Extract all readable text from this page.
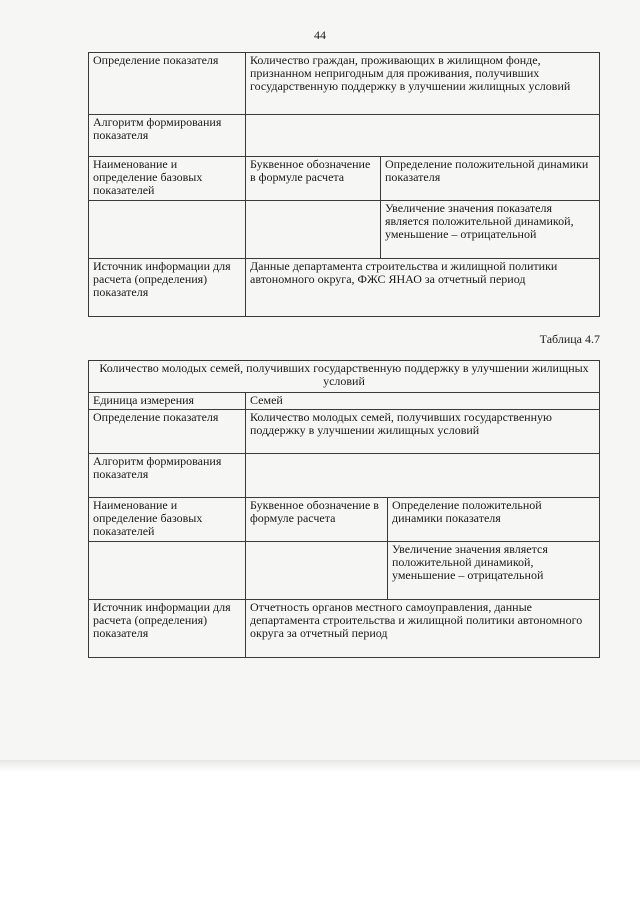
44
Определение показателя	Количество граждан, проживающих в жилищном фонде, признанном непригодным для проживания, получивших государственную поддержку в улучшении жилищных условий	
Алгоритм формирования показателя		
Наименование и определение базовых показателей	Буквенное обозначение в формуле расчета	Определение положительной динамики показателя
		Увеличение значения показателя является положительной динамикой, уменьшение – отрицательной
Источник информации для расчета (определения) показателя	Данные департамента строительства и жилищной политики автономного округа, ФЖС ЯНАО за отчетный период	
Таблица 4.7
Количество молодых семей, получивших государственную поддержку в улучшении жилищных условий		
Единица измерения	Семей	
Определение показателя	Количество молодых семей, получивших государственную поддержку в улучшении жилищных условий	
Алгоритм формирования показателя		
Наименование и определение базовых показателей	Буквенное обозначение в формуле расчета	Определение положительной динамики показателя
		Увеличение значения является положительной динамикой, уменьшение – отрицательной
Источник информации для расчета (определения) показателя	Отчетность органов местного самоуправления, данные департамента строительства и жилищной политики автономного округа за отчетный период	
